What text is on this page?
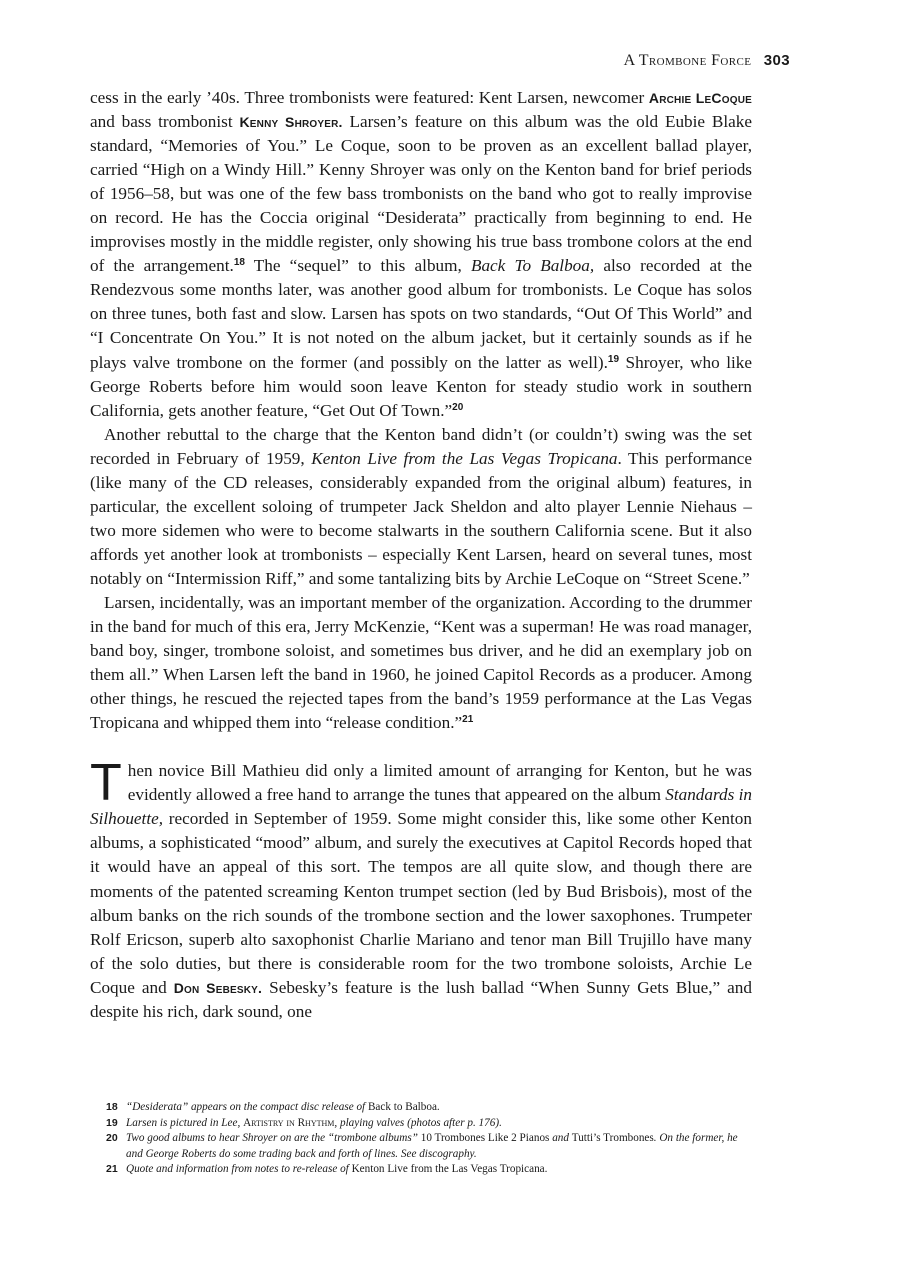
A Trombone Force 303

cess in the early ’40s. Three trombonists were featured: Kent Larsen, newcomer Archie LeCoque and bass trombonist Kenny Shroyer. Larsen’s feature on this album was the old Eubie Blake standard, “Memories of You.” Le Coque, soon to be proven as an excellent ballad player, carried “High on a Windy Hill.” Kenny Shroyer was only on the Kenton band for brief periods of 1956–58, but was one of the few bass trombonists on the band who got to really improvise on record. He has the Coccia original “Desiderata” practically from beginning to end. He improvises mostly in the middle register, only showing his true bass trombone colors at the end of the arrangement.$^{18}$ The “sequel” to this album, Back To Balboa, also recorded at the Rendezvous some months later, was another good album for trombonists. Le Coque has solos on three tunes, both fast and slow. Larsen has spots on two standards, “Out Of This World” and “I Concentrate On You.” It is not noted on the album jacket, but it certainly sounds as if he plays valve trombone on the former (and possibly on the latter as well).$^{19}$ Shroyer, who like George Roberts before him would soon leave Kenton for steady studio work in southern California, gets another feature, “Get Out Of Town.”$^{20}$

Another rebuttal to the charge that the Kenton band didn’t (or couldn’t) swing was the set recorded in February of 1959, Kenton Live from the Las Vegas Tropicana. This performance (like many of the CD releases, considerably expanded from the original album) features, in particular, the excellent soloing of trumpeter Jack Sheldon and alto player Lennie Niehaus – two more sidemen who were to become stalwarts in the southern California scene. But it also affords yet another look at trombonists – especially Kent Larsen, heard on several tunes, most notably on “Intermission Riff,” and some tantalizing bits by Archie LeCoque on “Street Scene.”

Larsen, incidentally, was an important member of the organization. According to the drummer in the band for much of this era, Jerry McKenzie, “Kent was a superman! He was road manager, band boy, singer, trombone soloist, and sometimes bus driver, and he did an exemplary job on them all.” When Larsen left the band in 1960, he joined Capitol Records as a producer. Among other things, he rescued the rejected tapes from the band’s 1959 performance at the Las Vegas Tropicana and whipped them into “release condition.”$^{21}$

Then novice Bill Mathieu did only a limited amount of arranging for Kenton, but he was evidently allowed a free hand to arrange the tunes that appeared on the album Standards in Silhouette, recorded in September of 1959. Some might consider this, like some other Kenton albums, a sophisticated “mood” album, and surely the executives at Capitol Records hoped that it would have an appeal of this sort. The tempos are all quite slow, and though there are moments of the patented screaming Kenton trumpet section (led by Bud Brisbois), most of the album banks on the rich sounds of the trombone section and the lower saxophones. Trumpeter Rolf Ericson, superb alto saxophonist Charlie Mariano and tenor man Bill Trujillo have many of the solo duties, but there is considerable room for the two trombone soloists, Archie Le Coque and Don Sebesky. Sebesky’s feature is the lush ballad “When Sunny Gets Blue,” and despite his rich, dark sound, one

18 “Desiderata” appears on the compact disc release of Back to Balboa.
19 Larsen is pictured in Lee, Artistry in Rhythm, playing valves (photos after p. 176).
20 Two good albums to hear Shroyer on are the “trombone albums” 10 Trombones Like 2 Pianos and Tutti’s Trombones. On the former, he and George Roberts do some trading back and forth of lines. See discography.
21 Quote and information from notes to re-release of Kenton Live from the Las Vegas Tropicana.
